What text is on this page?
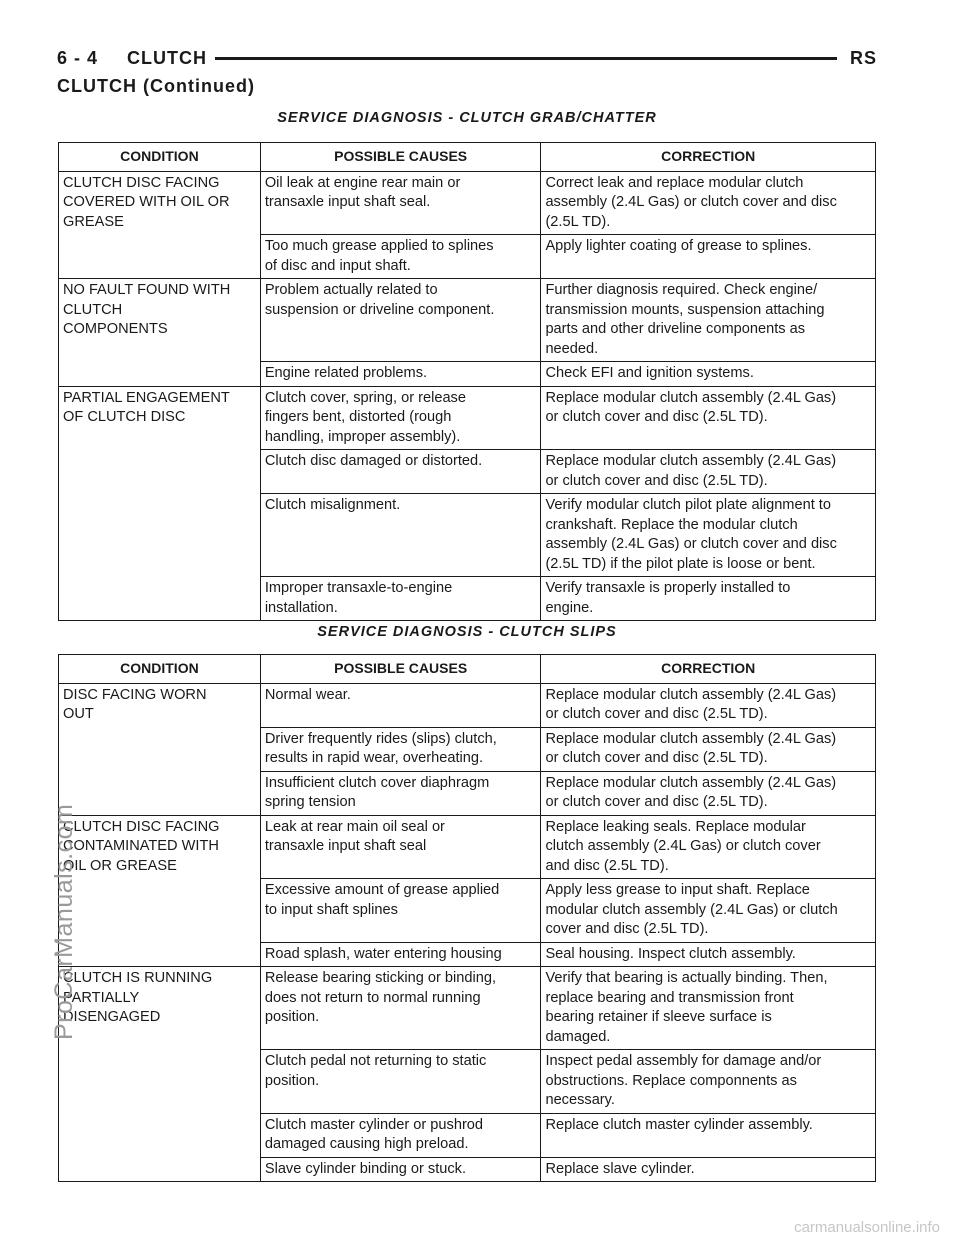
6 - 4 CLUTCH	RS
CLUTCH (Continued)
SERVICE DIAGNOSIS - CLUTCH GRAB/CHATTER
CONDITION	POSSIBLE CAUSES	CORRECTION
CLUTCH DISC FACING
COVERED WITH OIL OR
GREASE	Oil leak at engine rear main or
transaxle input shaft seal.	Correct leak and replace modular clutch
assembly (2.4L Gas) or clutch cover and disc
(2.5L TD).
	Too much grease applied to splines
of disc and input shaft.	Apply lighter coating of grease to splines.
NO FAULT FOUND WITH
CLUTCH
COMPONENTS	Problem actually related to
suspension or driveline component.	Further diagnosis required. Check engine/
transmission mounts, suspension attaching
parts and other driveline components as
needed.
	Engine related problems.	Check EFI and ignition systems.
PARTIAL ENGAGEMENT
OF CLUTCH DISC	Clutch cover, spring, or release
fingers bent, distorted (rough
handling, improper assembly).	Replace modular clutch assembly (2.4L Gas)
or clutch cover and disc (2.5L TD).
	Clutch disc damaged or distorted.	Replace modular clutch assembly (2.4L Gas)
or clutch cover and disc (2.5L TD).
	Clutch misalignment.	Verify modular clutch pilot plate alignment to
crankshaft. Replace the modular clutch
assembly (2.4L Gas) or clutch cover and disc
(2.5L TD) if the pilot plate is loose or bent.
	Improper transaxle-to-engine
installation.	Verify transaxle is properly installed to
engine.
SERVICE DIAGNOSIS - CLUTCH SLIPS
CONDITION	POSSIBLE CAUSES	CORRECTION
DISC FACING WORN
OUT	Normal wear.	Replace modular clutch assembly (2.4L Gas)
or clutch cover and disc (2.5L TD).
	Driver frequently rides (slips) clutch,
results in rapid wear, overheating.	Replace modular clutch assembly (2.4L Gas)
or clutch cover and disc (2.5L TD).
	Insufficient clutch cover diaphragm
spring tension	Replace modular clutch assembly (2.4L Gas)
or clutch cover and disc (2.5L TD).
CLUTCH DISC FACING
CONTAMINATED WITH
OIL OR GREASE	Leak at rear main oil seal or
transaxle input shaft seal	Replace leaking seals. Replace modular
clutch assembly (2.4L Gas) or clutch cover
and disc (2.5L TD).
	Excessive amount of grease applied
to input shaft splines	Apply less grease to input shaft. Replace
modular clutch assembly (2.4L Gas) or clutch
cover and disc (2.5L TD).
	Road splash, water entering housing	Seal housing. Inspect clutch assembly.
CLUTCH IS RUNNING
PARTIALLY
DISENGAGED	Release bearing sticking or binding,
does not return to normal running
position.	Verify that bearing is actually binding. Then,
replace bearing and transmission front
bearing retainer if sleeve surface is
damaged.
	Clutch pedal not returning to static
position.	Inspect pedal assembly for damage and/or
obstructions. Replace componnents as
necessary.
	Clutch master cylinder or pushrod
damaged causing high preload.	Replace clutch master cylinder assembly.
	Slave cylinder binding or stuck.	Replace slave cylinder.
ProCarManuals.com
carmanualsonline.info
